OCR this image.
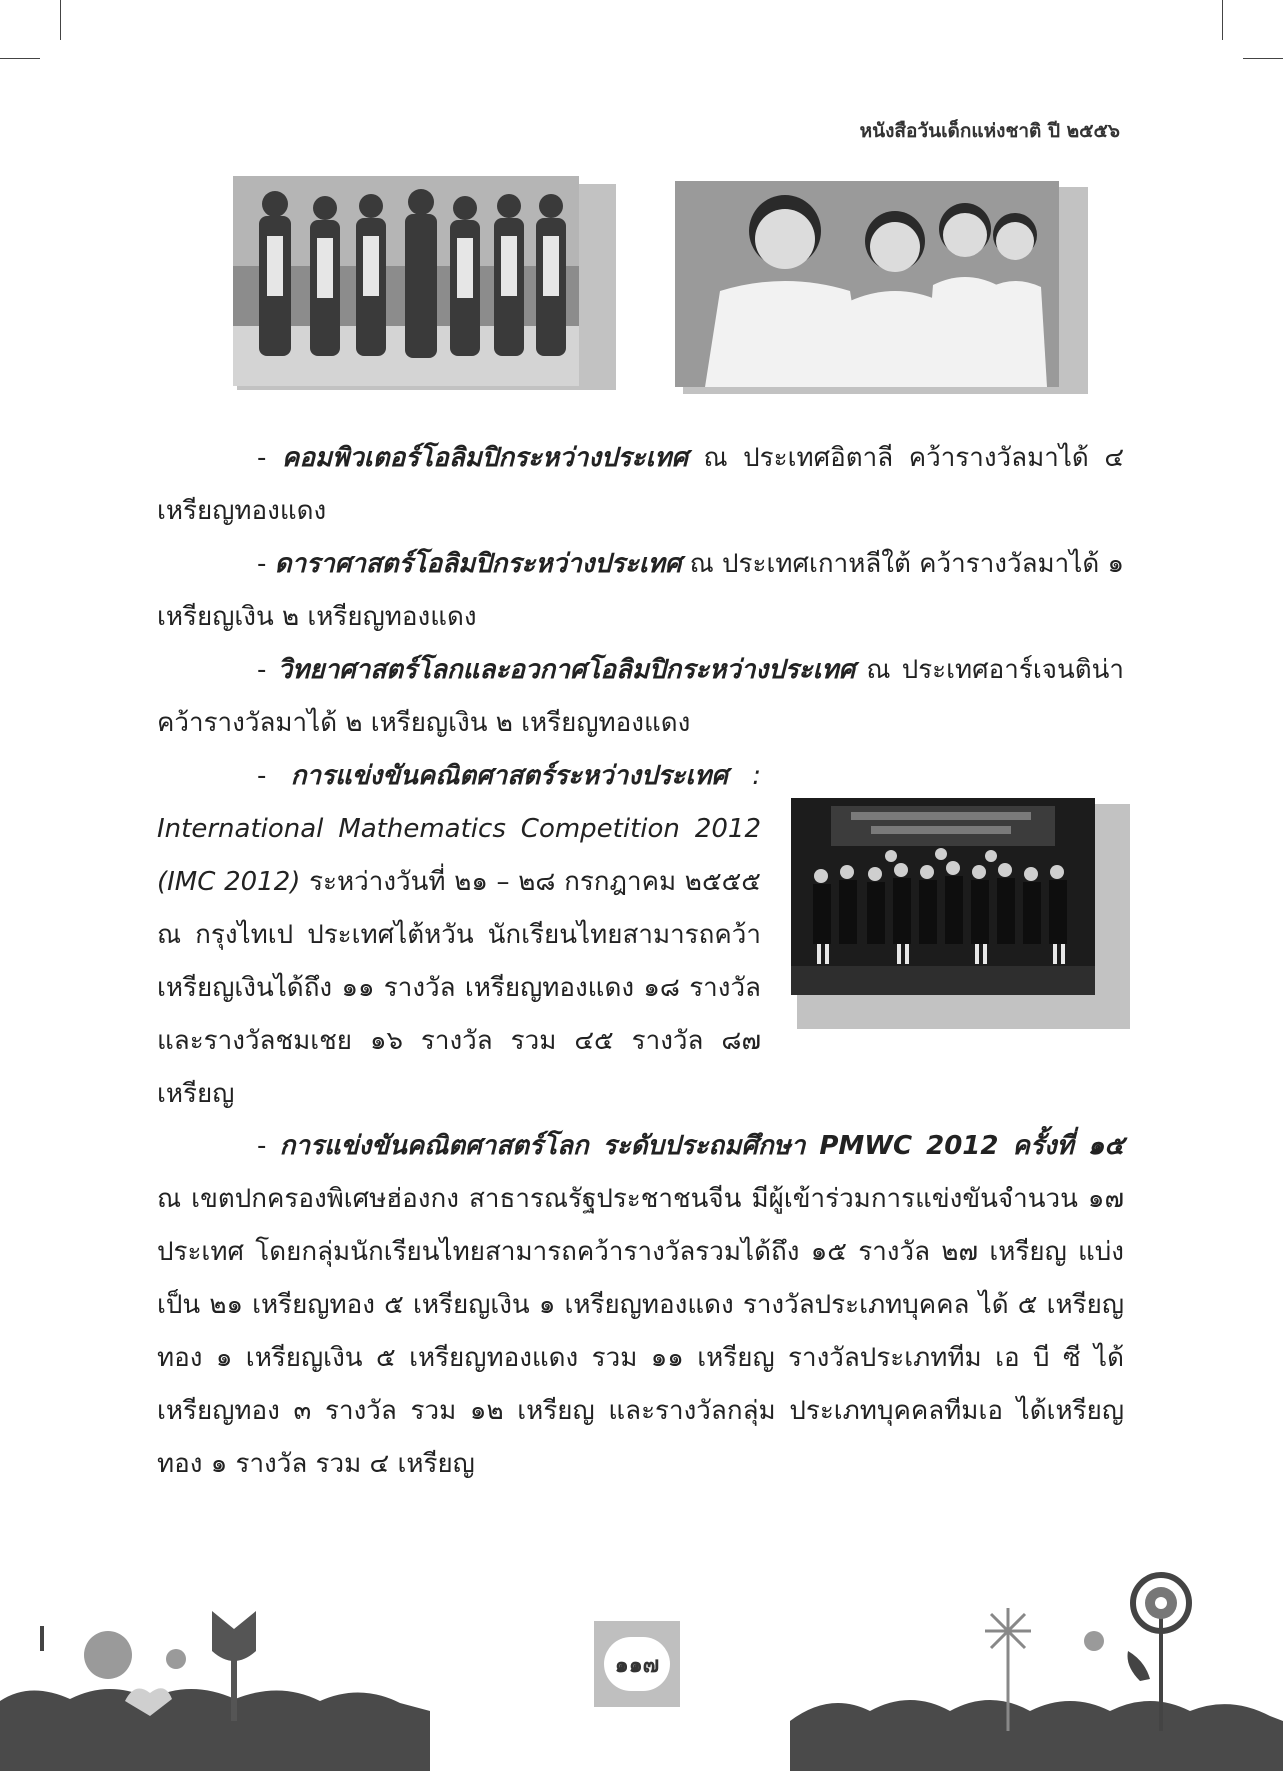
หนังสือวันเด็กแห่งชาติ ปี ๒๕๕๖

- คอมพิวเตอร์โอลิมปิกระหว่างประเทศ ณ ประเทศอิตาลี คว้ารางวัลมาได้ ๔ เหรียญทองแดง

- ดาราศาสตร์โอลิมปิกระหว่างประเทศ ณ ประเทศเกาหลีใต้ คว้ารางวัลมาได้ ๑ เหรียญเงิน ๒ เหรียญทองแดง

- วิทยาศาสตร์โลกและอวกาศโอลิมปิกระหว่างประเทศ ณ ประเทศอาร์เจนติน่า คว้ารางวัลมาได้ ๒ เหรียญเงิน ๒ เหรียญทองแดง

- การแข่งขันคณิตศาสตร์ระหว่างประเทศ : International Mathematics Competition 2012 (IMC 2012) ระหว่างวันที่ ๒๑ – ๒๘ กรกฎาคม ๒๕๕๕ ณ กรุงไทเป ประเทศไต้หวัน นักเรียนไทยสามารถคว้าเหรียญเงินได้ถึง ๑๑ รางวัล เหรียญทองแดง ๑๘ รางวัล และรางวัลชมเชย ๑๖ รางวัล รวม ๔๕ รางวัล ๘๗ เหรียญ

- การแข่งขันคณิตศาสตร์โลก ระดับประถมศึกษา PMWC 2012 ครั้งที่ ๑๕ ณ เขตปกครองพิเศษฮ่องกง สาธารณรัฐประชาชนจีน มีผู้เข้าร่วมการแข่งขันจำนวน ๑๗ ประเทศ โดยกลุ่มนักเรียนไทยสามารถคว้ารางวัลรวมได้ถึง ๑๕ รางวัล ๒๗ เหรียญ แบ่งเป็น ๒๑ เหรียญทอง ๕ เหรียญเงิน ๑ เหรียญทองแดง รางวัลประเภทบุคคล ได้ ๕ เหรียญทอง ๑ เหรียญเงิน ๕ เหรียญทองแดง รวม ๑๑ เหรียญ รางวัลประเภททีม เอ บี ซี ได้เหรียญทอง ๓ รางวัล รวม ๑๒ เหรียญ และรางวัลกลุ่ม ประเภทบุคคลทีมเอ ได้เหรียญทอง ๑ รางวัล รวม ๔ เหรียญ

๑๑๗
